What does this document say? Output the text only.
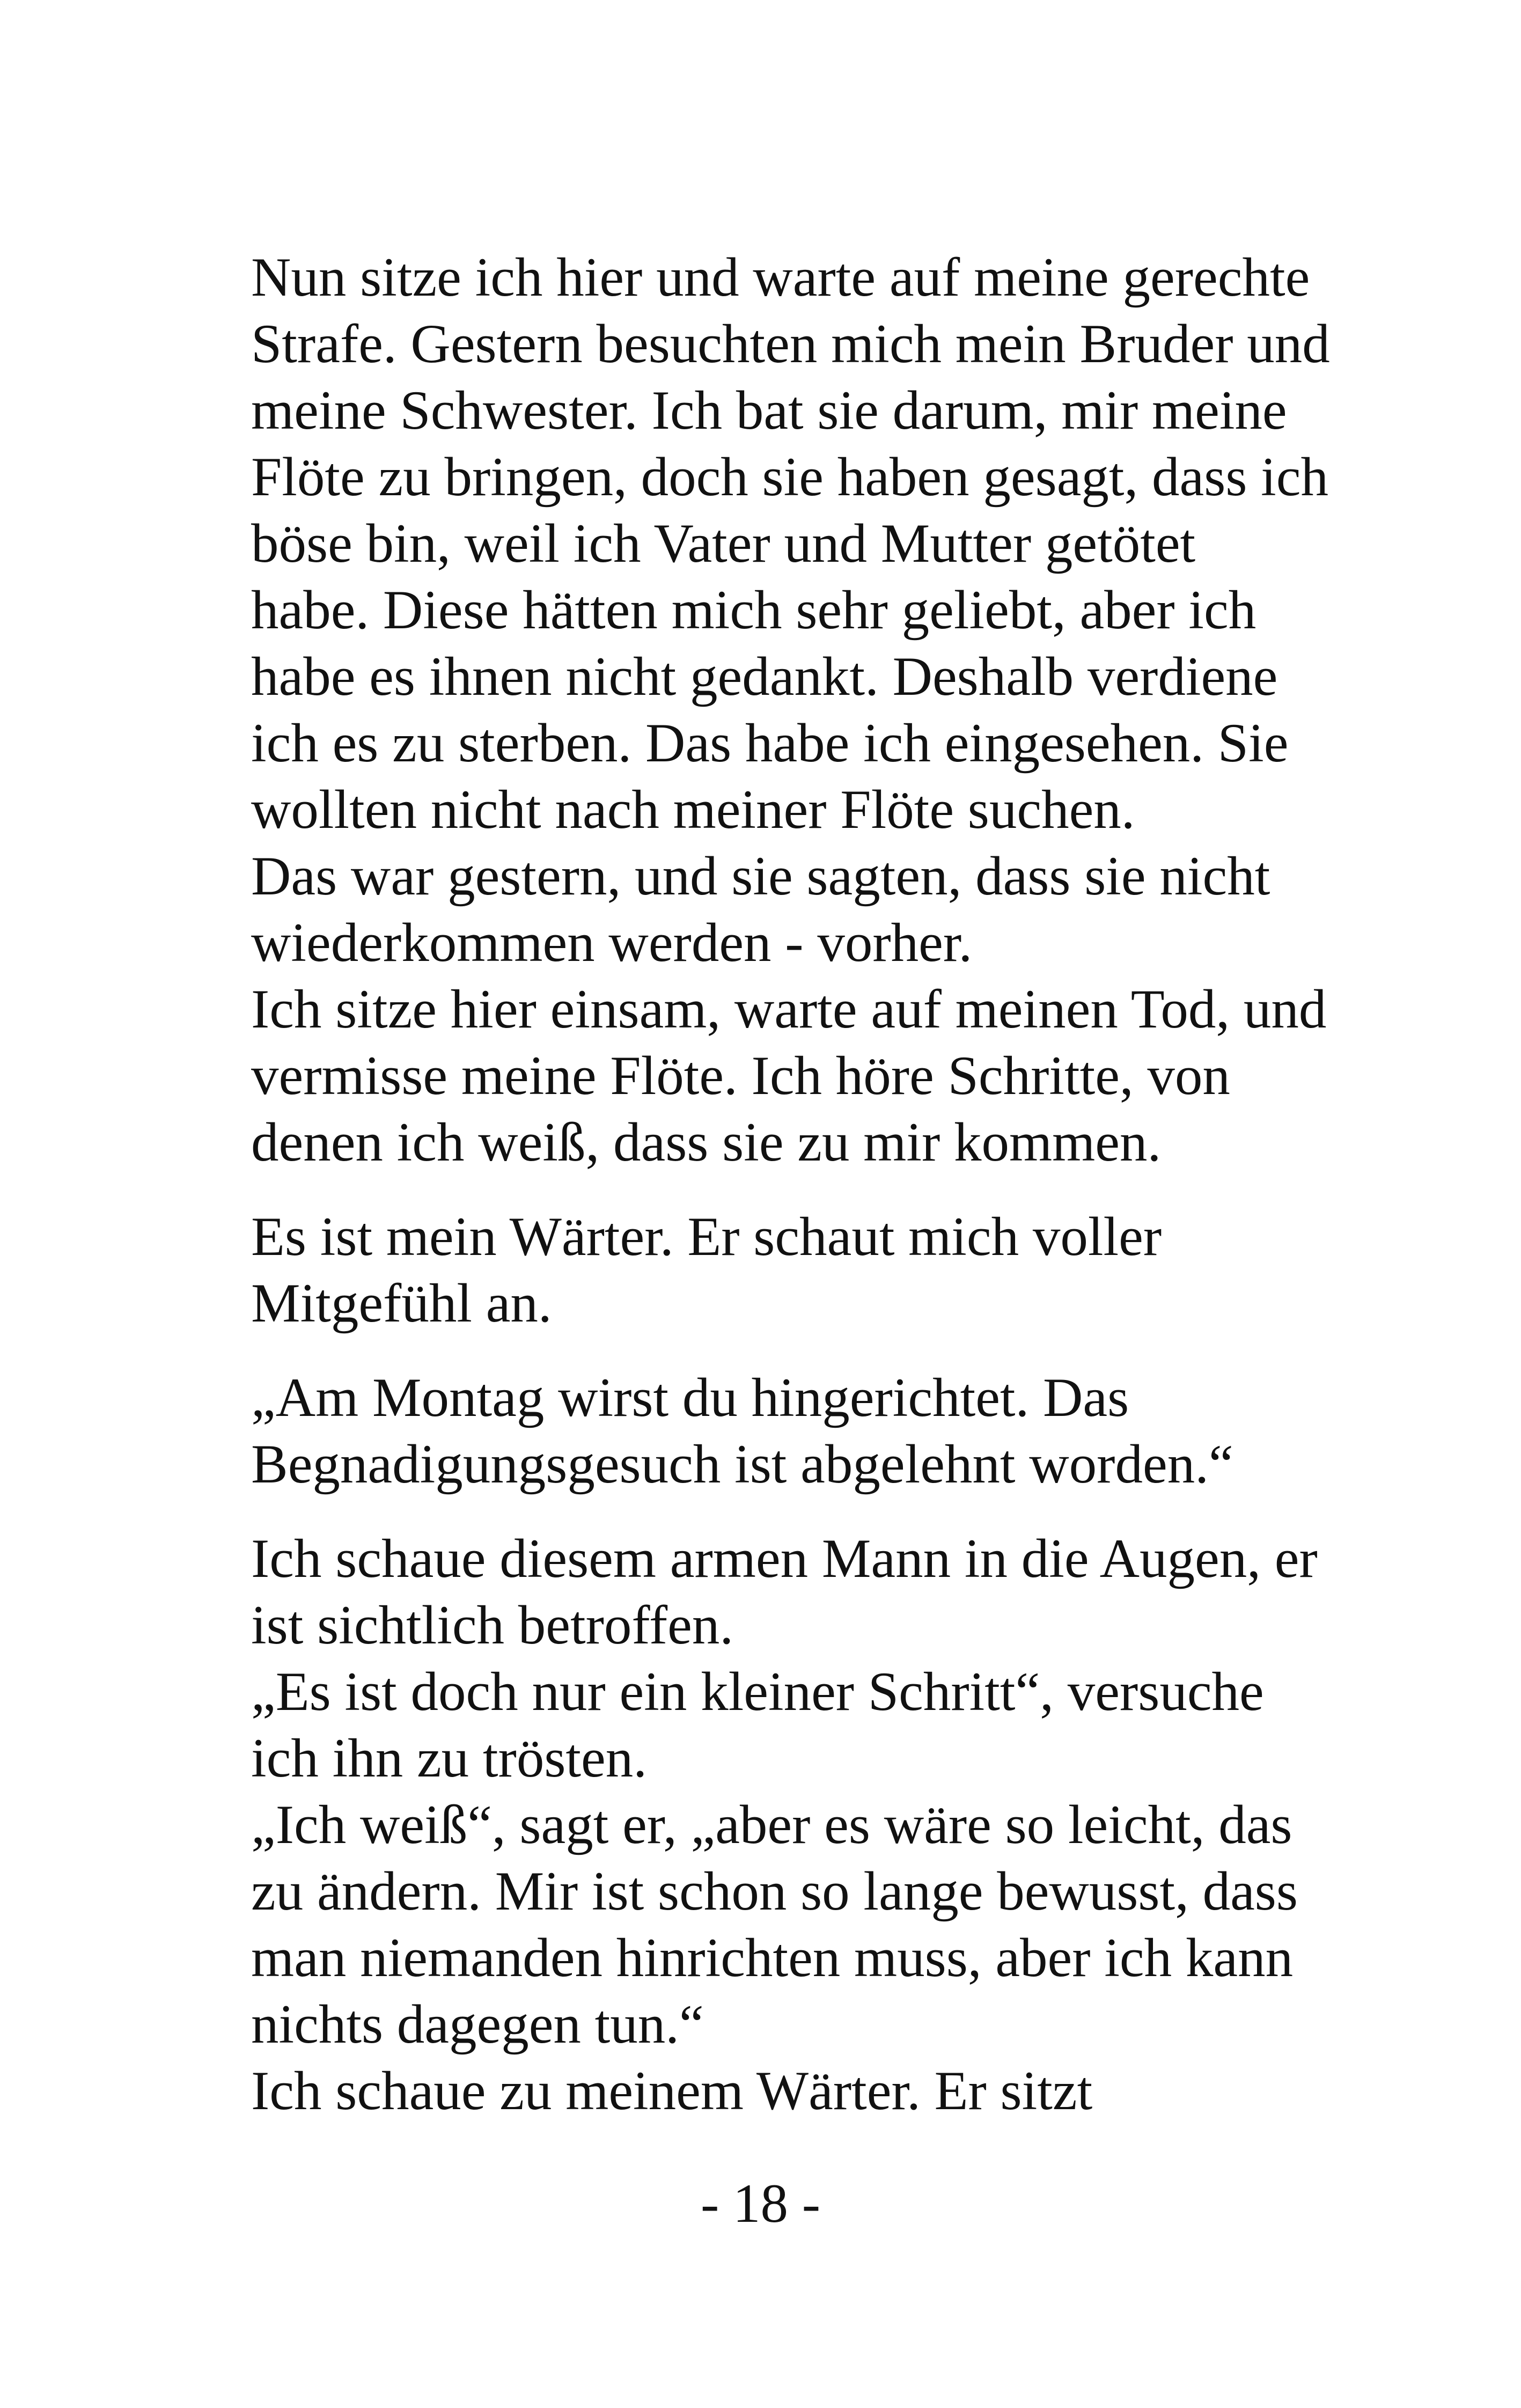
Nun sitze ich hier und warte auf meine gerechte
Strafe. Gestern besuchten mich mein Bruder und
meine Schwester. Ich bat sie darum, mir meine
Flöte zu bringen, doch sie haben gesagt, dass ich
böse bin, weil ich Vater und Mutter getötet
habe. Diese hätten mich sehr geliebt, aber ich
habe es ihnen nicht gedankt. Deshalb verdiene
ich es zu sterben. Das habe ich eingesehen. Sie
wollten nicht nach meiner Flöte suchen.
Das war gestern, und sie sagten, dass sie nicht
wiederkommen werden - vorher.
Ich sitze hier einsam, warte auf meinen Tod, und
vermisse meine Flöte. Ich höre Schritte, von
denen ich weiß, dass sie zu mir kommen.
Es ist mein Wärter. Er schaut mich voller
Mitgefühl an.
„Am Montag wirst du hingerichtet. Das
Begnadigungsgesuch ist abgelehnt worden.“
Ich schaue diesem armen Mann in die Augen, er
ist sichtlich betroffen.
„Es ist doch nur ein kleiner Schritt“, versuche
ich ihn zu trösten.
„Ich weiß“, sagt er, „aber es wäre so leicht, das
zu ändern. Mir ist schon so lange bewusst, dass
man niemanden hinrichten muss, aber ich kann
nichts dagegen tun.“
Ich schaue zu meinem Wärter. Er sitzt
- 18 -
